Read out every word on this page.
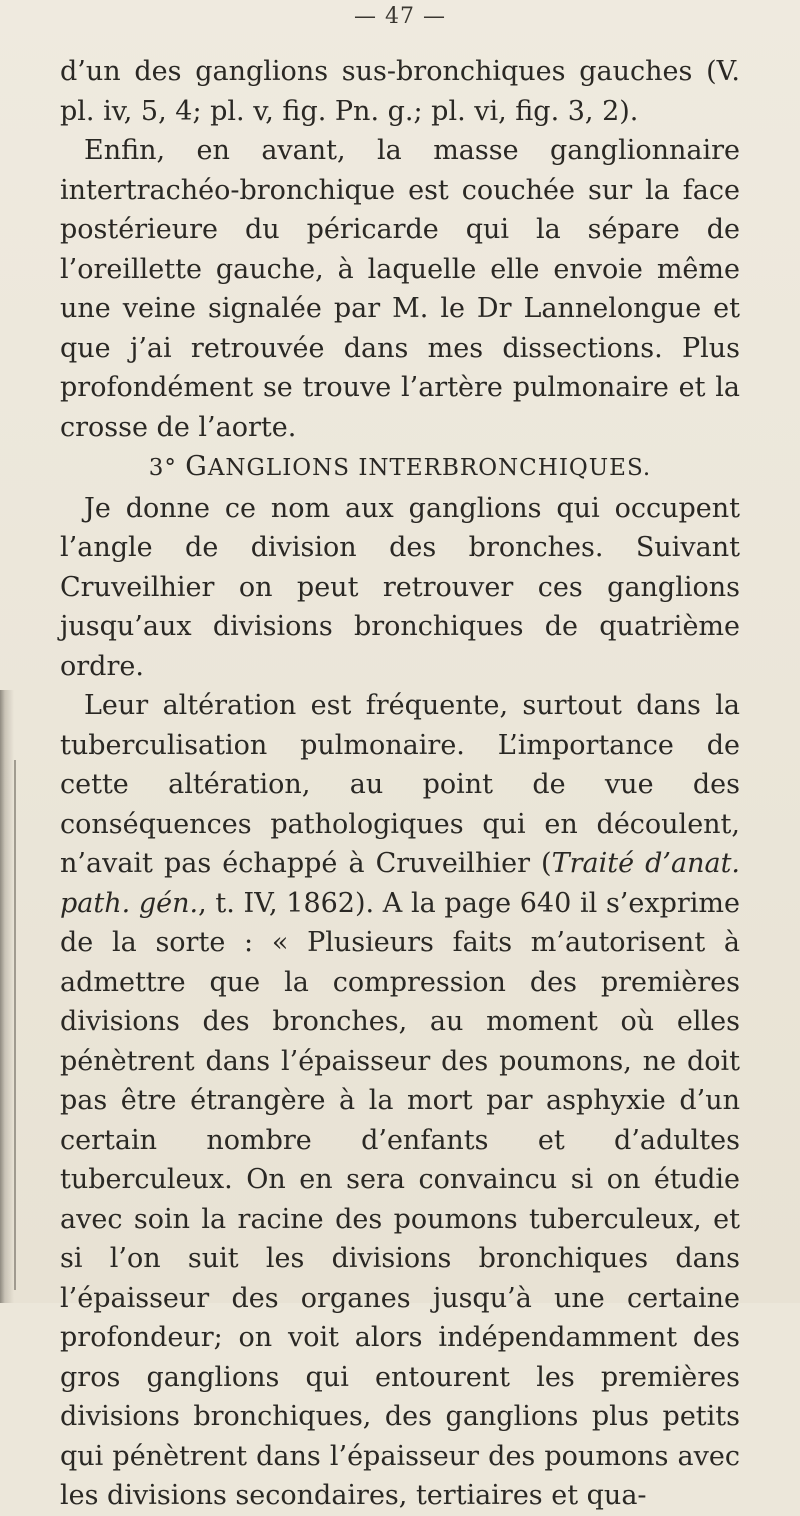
— 47 —

d’un des ganglions sus-bronchiques gauches (V. pl. iv, 5, 4; pl. v, fig. Pn. g.; pl. vi, fig. 3, 2).

Enfin, en avant, la masse ganglionnaire intertrachéo-bronchique est couchée sur la face postérieure du péricarde qui la sépare de l’oreillette gauche, à laquelle elle envoie même une veine signalée par M. le Dr Lannelongue et que j’ai retrouvée dans mes dissections. Plus profondément se trouve l’artère pulmonaire et la crosse de l’aorte.

3° GANGLIONS INTERBRONCHIQUES.

Je donne ce nom aux ganglions qui occupent l’angle de division des bronches. Suivant Cruveilhier on peut retrouver ces ganglions jusqu’aux divisions bronchiques de quatrième ordre.

Leur altération est fréquente, surtout dans la tuberculisation pulmonaire. L’importance de cette altération, au point de vue des conséquences pathologiques qui en découlent, n’avait pas échappé à Cruveilhier (Traité d’anat. path. gén., t. IV, 1862). A la page 640 il s’exprime de la sorte : « Plusieurs faits m’autorisent à admettre que la compression des premières divisions des bronches, au moment où elles pénètrent dans l’épaisseur des poumons, ne doit pas être étrangère à la mort par asphyxie d’un certain nombre d’enfants et d’adultes tuberculeux. On en sera convaincu si on étudie avec soin la racine des poumons tuberculeux, et si l’on suit les divisions bronchiques dans l’épaisseur des organes jusqu’à une certaine profondeur; on voit alors indépendamment des gros ganglions qui entourent les premières divisions bronchiques, des ganglions plus petits qui pénètrent dans l’épaisseur des poumons avec les divisions secondaires, tertiaires et qua-
